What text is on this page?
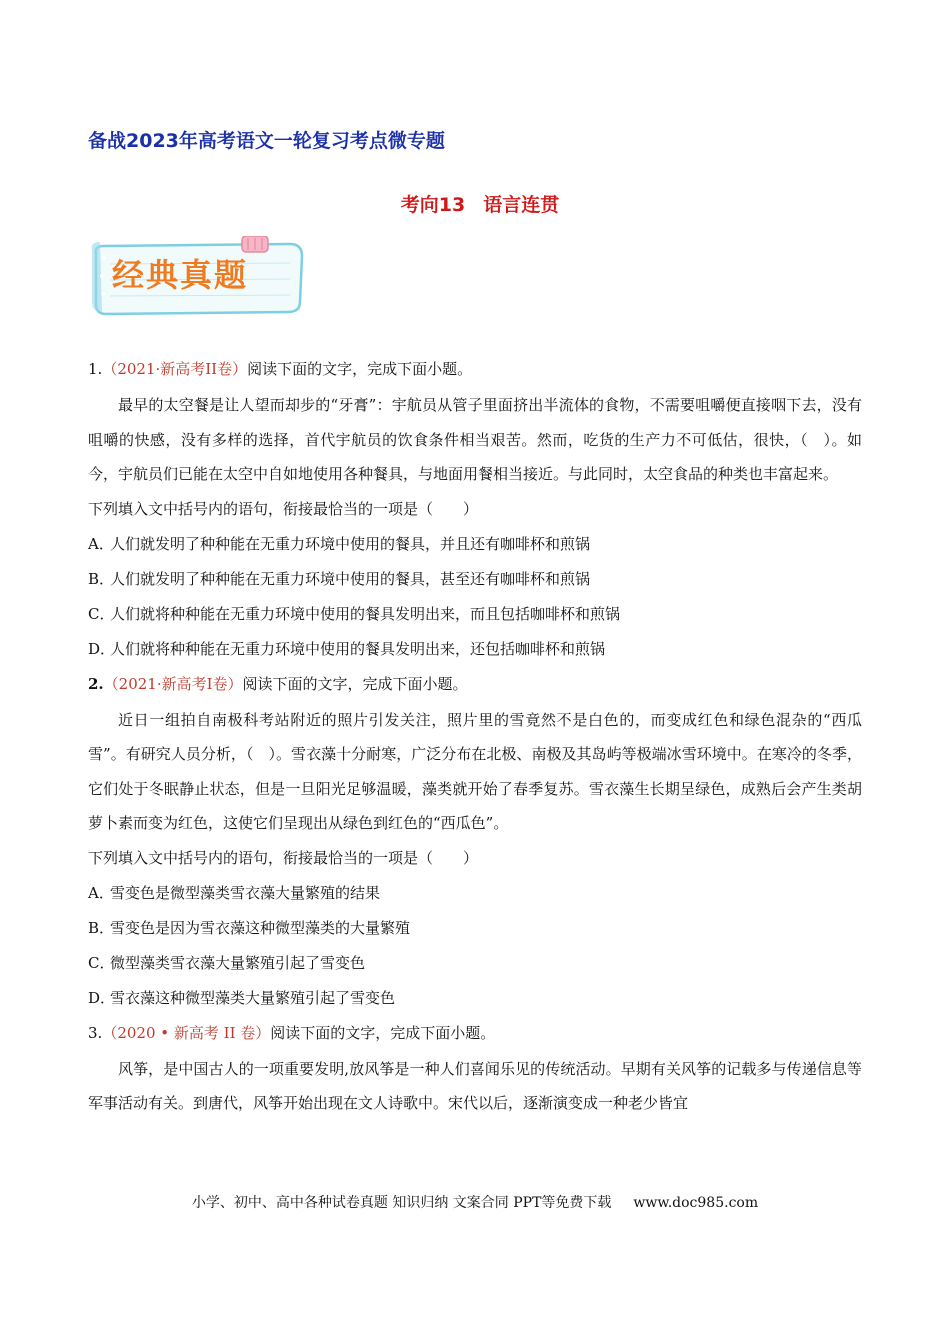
备战2023年高考语文一轮复习考点微专题
考向13 语言连贯
经典真题
1.（2021·新高考II卷）阅读下面的文字，完成下面小题。

最早的太空餐是让人望而却步的“牙膏”：宇航员从管子里面挤出半流体的食物，不需要咀嚼便直接咽下去，没有咀嚼的快感，没有多样的选择，首代宇航员的饮食条件相当艰苦。然而，吃货的生产力不可低估，很快，（　）。如今，宇航员们已能在太空中自如地使用各种餐具，与地面用餐相当接近。与此同时，太空食品的种类也丰富起来。

下列填入文中括号内的语句，衔接最恰当的一项是（　　）
A．人们就发明了种种能在无重力环境中使用的餐具，并且还有咖啡杯和煎锅
B．人们就发明了种种能在无重力环境中使用的餐具，甚至还有咖啡杯和煎锅
C．人们就将种种能在无重力环境中使用的餐具发明出来，而且包括咖啡杯和煎锅
D．人们就将种种能在无重力环境中使用的餐具发明出来，还包括咖啡杯和煎锅
2.（2021·新高考I卷）阅读下面的文字，完成下面小题。

近日一组拍自南极科考站附近的照片引发关注，照片里的雪竟然不是白色的，而变成红色和绿色混杂的“西瓜雪”。有研究人员分析，（　）。雪衣藻十分耐寒，广泛分布在北极、南极及其岛屿等极端冰雪环境中。在寒冷的冬季，它们处于冬眠静止状态，但是一旦阳光足够温暖，藻类就开始了春季复苏。雪衣藻生长期呈绿色，成熟后会产生类胡萝卜素而变为红色，这使它们呈现出从绿色到红色的“西瓜色”。

下列填入文中括号内的语句，衔接最恰当的一项是（　　）
A．雪变色是微型藻类雪衣藻大量繁殖的结果
B．雪变色是因为雪衣藻这种微型藻类的大量繁殖
C．微型藻类雪衣藻大量繁殖引起了雪变色
D．雪衣藻这种微型藻类大量繁殖引起了雪变色
3.（2020 • 新高考 II 卷）阅读下面的文字，完成下面小题。

风筝，是中国古人的一项重要发明,放风筝是一种人们喜闻乐见的传统活动。早期有关风筝的记载多与传递信息等军事活动有关。到唐代，风筝开始出现在文人诗歌中。宋代以后，逐渐演变成一种老少皆宜

小学、初中、高中各种试卷真题 知识归纳 文案合同 PPT等免费下载 www.doc985.com
